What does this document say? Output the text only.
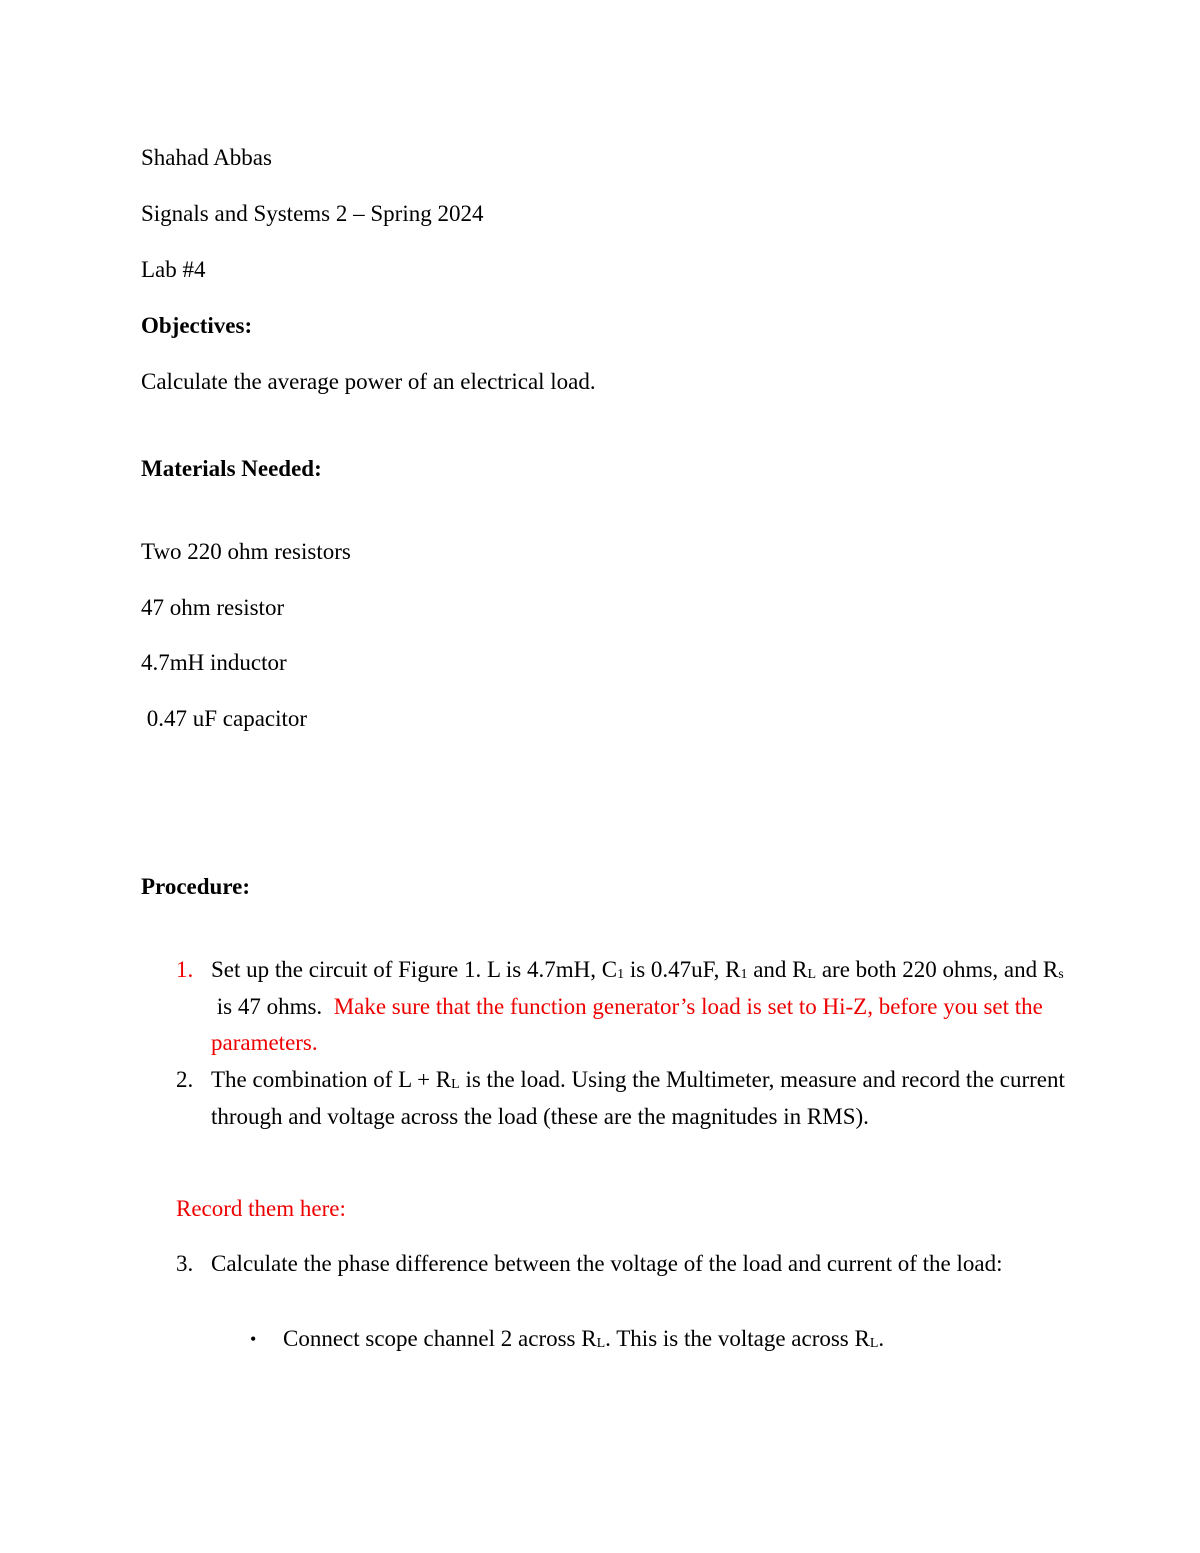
Shahad Abbas
Signals and Systems 2 – Spring 2024
Lab #4
Objectives:
Calculate the average power of an electrical load.
Materials Needed:
Two 220 ohm resistors
47 ohm resistor
4.7mH inductor
0.47 uF capacitor
Procedure:
1. Set up the circuit of Figure 1. L is 4.7mH, $C_1$ is 0.47uF, $R_1$ and $R_L$ are both 220 ohms, and $R_s$ is 47 ohms.  Make sure that the function generator’s load is set to Hi-Z, before you set the parameters.
2. The combination of $L + R_L$ is the load. Using the Multimeter, measure and record the current through and voltage across the load (these are the magnitudes in RMS).
Record them here:
3. Calculate the phase difference between the voltage of the load and current of the load:
• Connect scope channel 2 across $R_L$. This is the voltage across $R_L$.
